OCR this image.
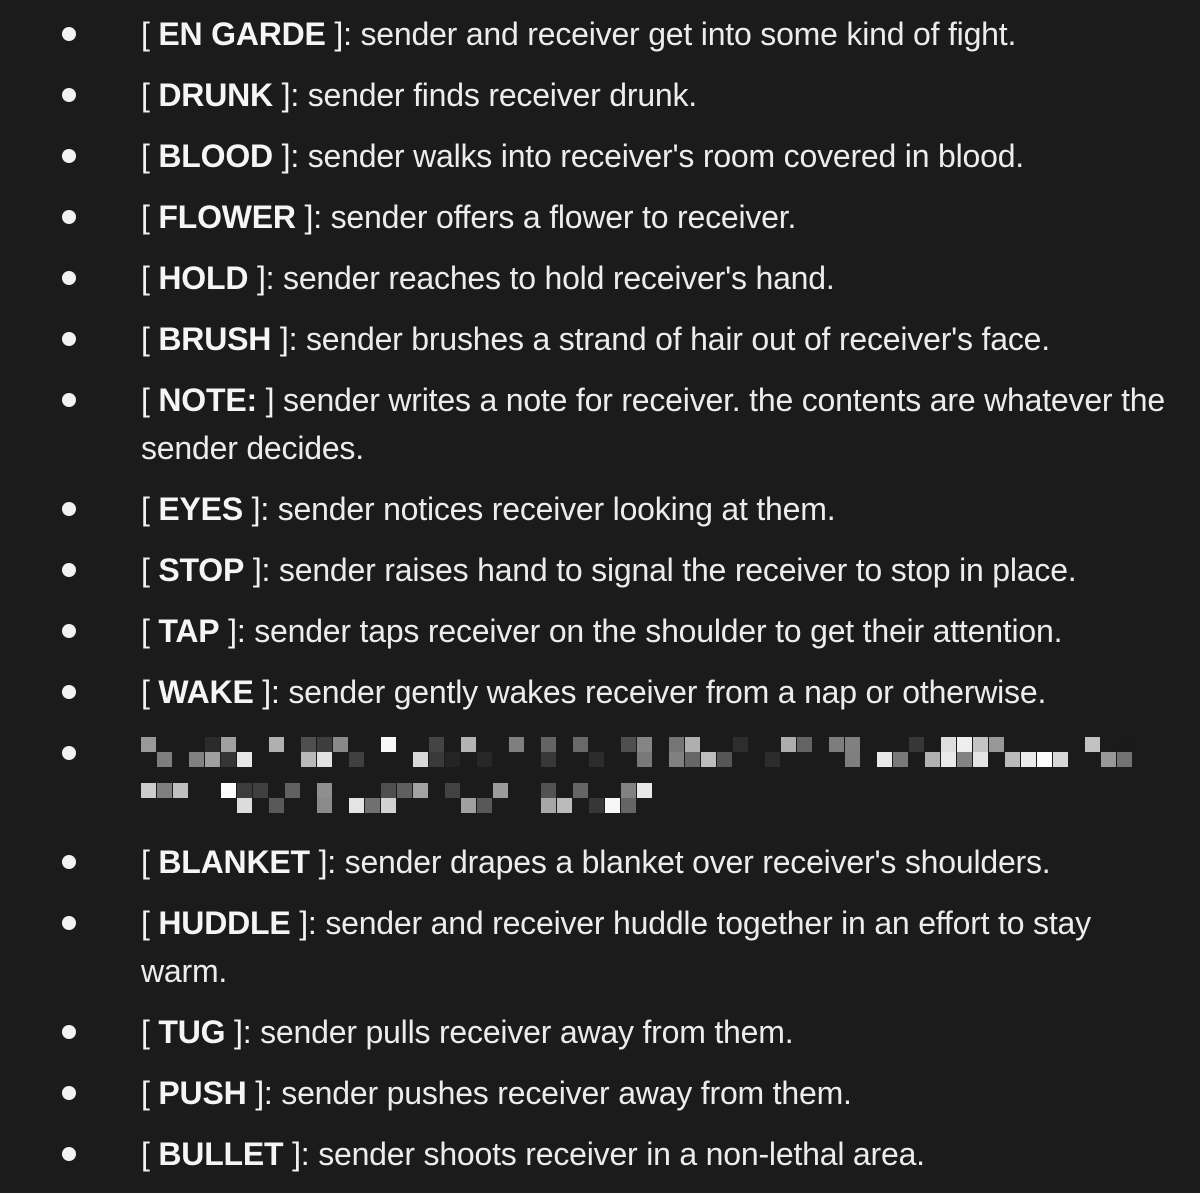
[ EN GARDE ]: sender and receiver get into some kind of fight.
[ DRUNK ]: sender finds receiver drunk.
[ BLOOD ]: sender walks into receiver's room covered in blood.
[ FLOWER ]: sender offers a flower to receiver.
[ HOLD ]: sender reaches to hold receiver's hand.
[ BRUSH ]: sender brushes a strand of hair out of receiver's face.
[ NOTE: ] sender writes a note for receiver. the contents are whatever the sender decides.
[ EYES ]: sender notices receiver looking at them.
[ STOP ]: sender raises hand to signal the receiver to stop in place.
[ TAP ]: sender taps receiver on the shoulder to get their attention.
[ WAKE ]: sender gently wakes receiver from a nap or otherwise.
[ BLANKET ]: sender drapes a blanket over receiver's shoulders.
[ HUDDLE ]: sender and receiver huddle together in an effort to stay warm.
[ TUG ]: sender pulls receiver away from them.
[ PUSH ]: sender pushes receiver away from them.
[ BULLET ]: sender shoots receiver in a non-lethal area.
